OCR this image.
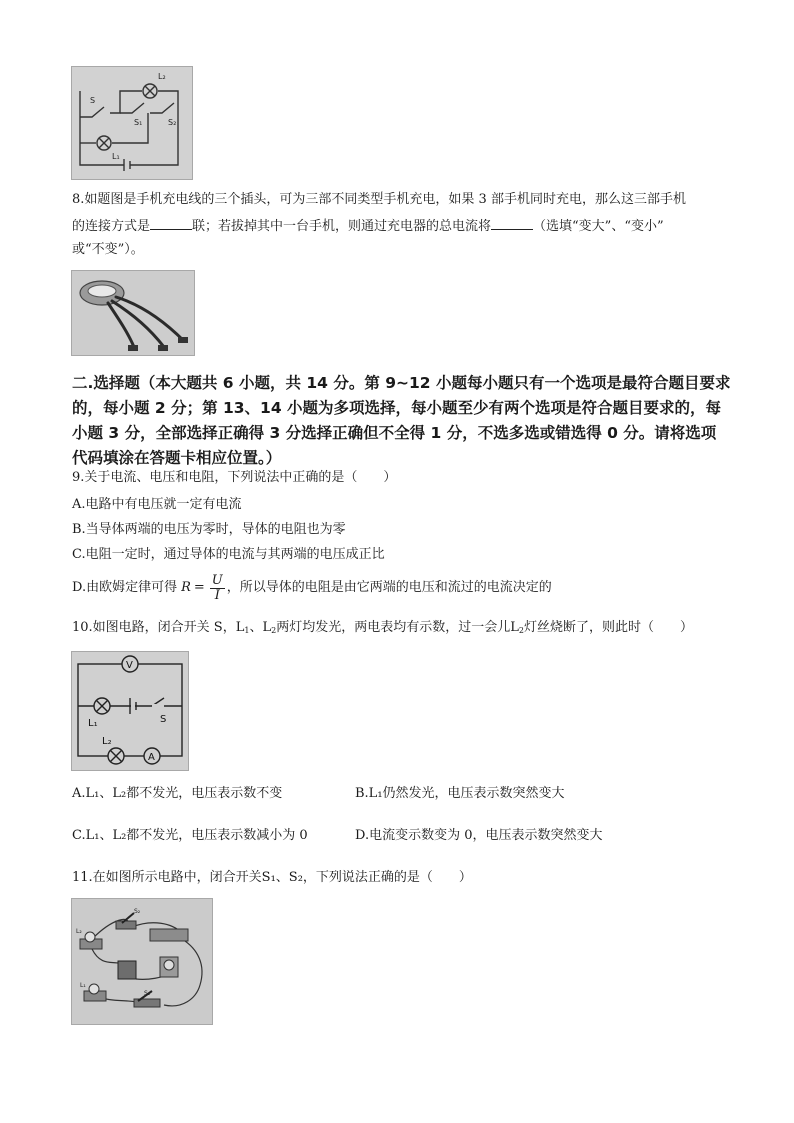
S
S₁	S₂
L₁
L₂
8.如题图是手机充电线的三个插头，可为三部不同类型手机充电，如果 3 部手机同时充电，那么这三部手机
的连接方式是	联；若拔掉其中一台手机，则通过充电器的总电流将	（选填“变大”、“变小”
或“不变”）。
二.选择题（本大题共 6 小题，共 14 分。第 9~12 小题每小题只有一个选项是最符合题目要求
的，每小题 2 分；第 13、14 小题为多项选择，每小题至少有两个选项是符合题目要求的，每
小题 3 分，全部选择正确得 3 分选择正确但不全得 1 分，不选多选或错选得 0 分。请将选项
代码填涂在答题卡相应位置。）
9.关于电流、电压和电阻，下列说法中正确的是（　　）
A.电路中有电压就一定有电流
B.当导体两端的电压为零时，导体的电阻也为零
C.电阻一定时，通过导体的电流与其两端的电压成正比
D.由欧姆定律可得 $R = \frac{U}{I}$ ，所以导体的电阻是由它两端的电压和流过的电流决定的
10.如图电路，闭合开关 S，$L_1$、$L_2$两灯均发光，两电表均有示数，过一会儿$L_2$灯丝烧断了，则此时（　　）
V
A
L₁
L₂
S
A.L₁、L₂都不发光，电压表示数不变	B.L₁仍然发光，电压表示数突然变大
C.L₁、L₂都不发光，电压表示数减小为 0	D.电流变示数变为 0，电压表示数突然变大
11.在如图所示电路中，闭合开关S₁、S₂，下列说法正确的是（　　）
S₂
L₂
L₁
S₁
